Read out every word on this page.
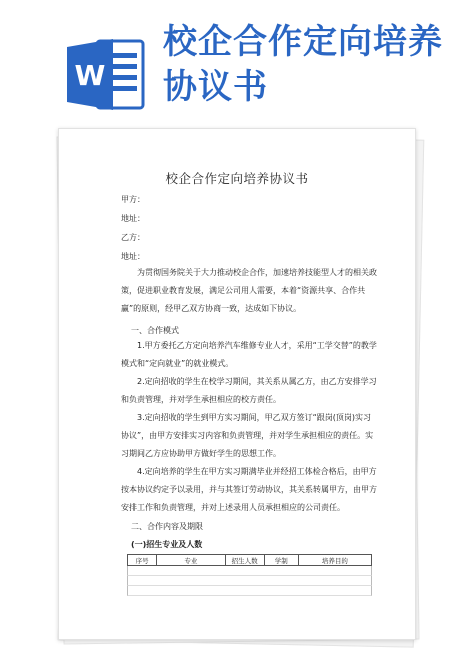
W
校企合作定向培养
协议书
校企合作定向培养协议书
甲方：
地址：
乙方：
地址：
为贯彻国务院关于大力推动校企合作，加速培养技能型人才的相关政策，促进职业教育发展，满足公司用人需要，本着“资源共享、合作共赢”的原则，经甲乙双方协商一致，达成如下协议。
一、合作模式
1.甲方委托乙方定向培养汽车维修专业人才，采用“工学交替”的教学模式和“定向就业”的就业模式。
2.定向招收的学生在校学习期间，其关系从属乙方，由乙方安排学习和负责管理，并对学生承担相应的校方责任。
3.定向招收的学生到甲方实习期间，甲乙双方签订“跟岗(顶岗)实习协议”，由甲方安排实习内容和负责管理，并对学生承担相应的责任。实习期间乙方应协助甲方做好学生的思想工作。
4.定向培养的学生在甲方实习期满毕业并经招工体检合格后，由甲方按本协议约定予以录用，并与其签订劳动协议，其关系转属甲方，由甲方安排工作和负责管理，并对上述录用人员承担相应的公司责任。
二、合作内容及期限
(一)招生专业及人数
序号	专业	招生人数	学制	培养目的
